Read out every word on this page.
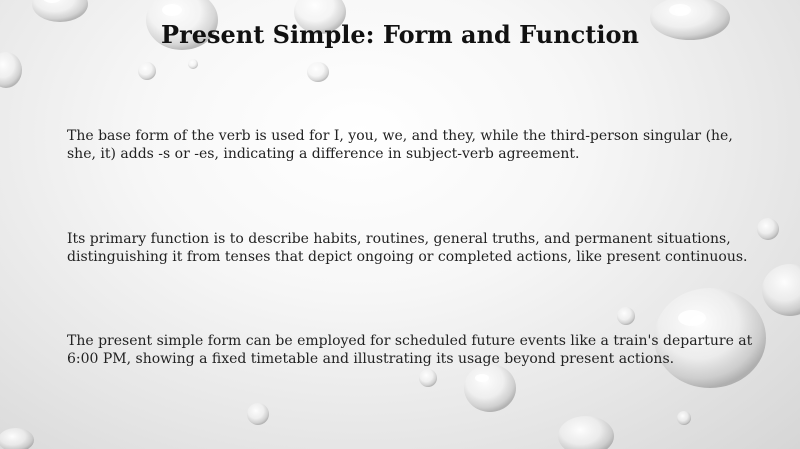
Present Simple: Form and Function

The base form of the verb is used for I, you, we, and they, while the third-person singular (he, she, it) adds -s or -es, indicating a difference in subject-verb agreement.

Its primary function is to describe habits, routines, general truths, and permanent situations, distinguishing it from tenses that depict ongoing or completed actions, like present continuous.

The present simple form can be employed for scheduled future events like a train's departure at 6:00 PM, showing a fixed timetable and illustrating its usage beyond present actions.
